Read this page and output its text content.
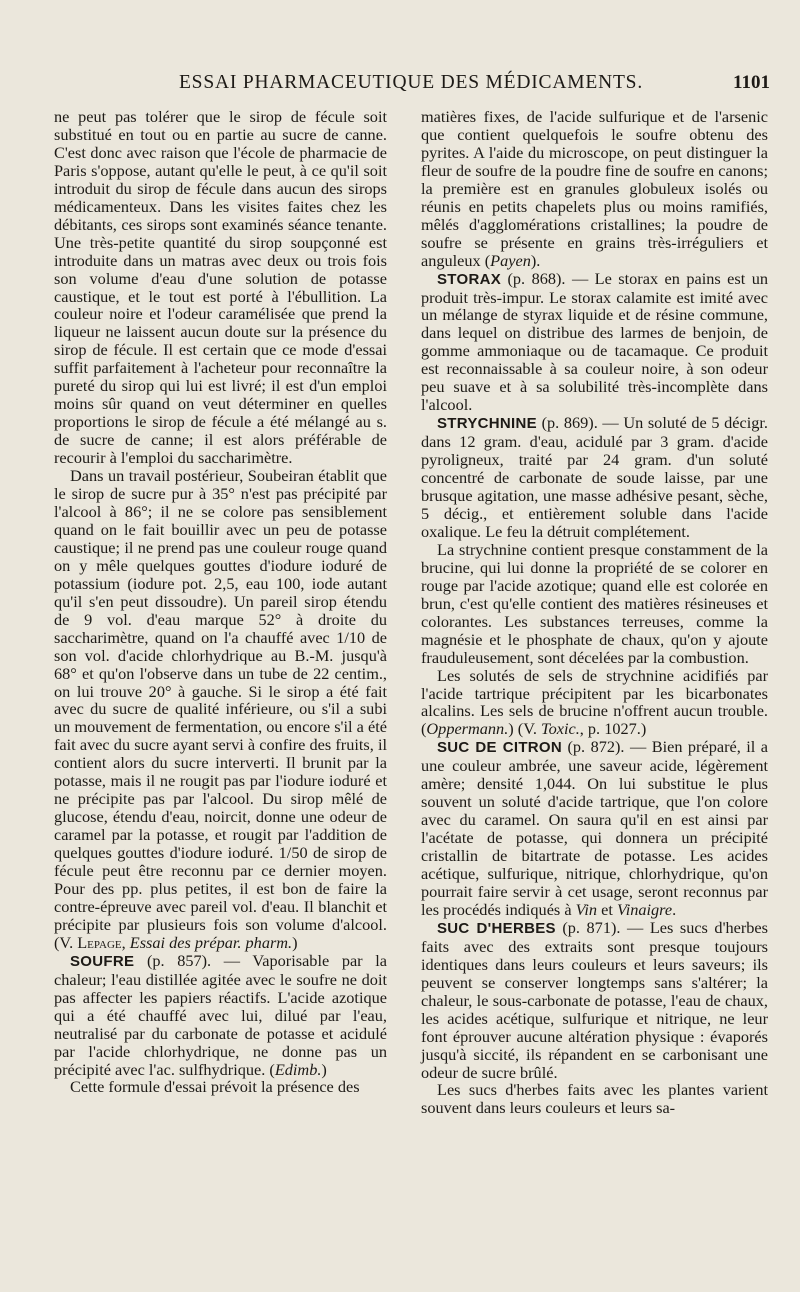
ESSAI PHARMACEUTIQUE DES MÉDICAMENTS.	1101

ne peut pas tolérer que le sirop de fécule soit substitué en tout ou en partie au sucre de canne. C'est donc avec raison que l'école de pharmacie de Paris s'oppose, autant qu'elle le peut, à ce qu'il soit introduit du sirop de fécule dans aucun des sirops médicamenteux. Dans les visites faites chez les débitants, ces sirops sont examinés séance tenante. Une très-petite quantité du sirop soupçonné est introduite dans un matras avec deux ou trois fois son volume d'eau d'une solution de potasse caustique, et le tout est porté à l'ébullition. La couleur noire et l'odeur caramélisée que prend la liqueur ne laissent aucun doute sur la présence du sirop de fécule. Il est certain que ce mode d'essai suffit parfaitement à l'acheteur pour reconnaître la pureté du sirop qui lui est livré; il est d'un emploi moins sûr quand on veut déterminer en quelles proportions le sirop de fécule a été mélangé au s. de sucre de canne; il est alors préférable de recourir à l'emploi du saccharimètre.

Dans un travail postérieur, Soubeiran établit que le sirop de sucre pur à 35° n'est pas précipité par l'alcool à 86°; il ne se colore pas sensiblement quand on le fait bouillir avec un peu de potasse caustique; il ne prend pas une couleur rouge quand on y mêle quelques gouttes d'iodure ioduré de potassium (iodure pot. 2,5, eau 100, iode autant qu'il s'en peut dissoudre). Un pareil sirop étendu de 9 vol. d'eau marque 52° à droite du saccharimètre, quand on l'a chauffé avec 1/10 de son vol. d'acide chlorhydrique au B.-M. jusqu'à 68° et qu'on l'observe dans un tube de 22 centim., on lui trouve 20° à gauche. Si le sirop a été fait avec du sucre de qualité inférieure, ou s'il a subi un mouvement de fermentation, ou encore s'il a été fait avec du sucre ayant servi à confire des fruits, il contient alors du sucre interverti. Il brunit par la potasse, mais il ne rougit pas par l'iodure ioduré et ne précipite pas par l'alcool. Du sirop mêlé de glucose, étendu d'eau, noircit, donne une odeur de caramel par la potasse, et rougit par l'addition de quelques gouttes d'iodure ioduré. 1/50 de sirop de fécule peut être reconnu par ce dernier moyen. Pour des pp. plus petites, il est bon de faire la contre-épreuve avec pareil vol. d'eau. Il blanchit et précipite par plusieurs fois son volume d'alcool. (V. Lepage, Essai des prépar. pharm.)

SOUFRE (p. 857). — Vaporisable par la chaleur; l'eau distillée agitée avec le soufre ne doit pas affecter les papiers réactifs. L'acide azotique qui a été chauffé avec lui, dilué par l'eau, neutralisé par du carbonate de potasse et acidulé par l'acide chlorhydrique, ne donne pas un précipité avec l'ac. sulfhydrique. (Edimb.)

Cette formule d'essai prévoit la présence des

matières fixes, de l'acide sulfurique et de l'arsenic que contient quelquefois le soufre obtenu des pyrites. A l'aide du microscope, on peut distinguer la fleur de soufre de la poudre fine de soufre en canons; la première est en granules globuleux isolés ou réunis en petits chapelets plus ou moins ramifiés, mêlés d'agglomérations cristallines; la poudre de soufre se présente en grains très-irréguliers et anguleux (Payen).

STORAX (p. 868). — Le storax en pains est un produit très-impur. Le storax calamite est imité avec un mélange de styrax liquide et de résine commune, dans lequel on distribue des larmes de benjoin, de gomme ammoniaque ou de tacamaque. Ce produit est reconnaissable à sa couleur noire, à son odeur peu suave et à sa solubilité très-incomplète dans l'alcool.

STRYCHNINE (p. 869). — Un soluté de 5 décigr. dans 12 gram. d'eau, acidulé par 3 gram. d'acide pyroligneux, traité par 24 gram. d'un soluté concentré de carbonate de soude laisse, par une brusque agitation, une masse adhésive pesant, sèche, 5 décig., et entièrement soluble dans l'acide oxalique. Le feu la détruit complétement.

La strychnine contient presque constamment de la brucine, qui lui donne la propriété de se colorer en rouge par l'acide azotique; quand elle est colorée en brun, c'est qu'elle contient des matières résineuses et colorantes. Les substances terreuses, comme la magnésie et le phosphate de chaux, qu'on y ajoute frauduleusement, sont décelées par la combustion.

Les solutés de sels de strychnine acidifiés par l'acide tartrique précipitent par les bicarbonates alcalins. Les sels de brucine n'offrent aucun trouble. (Oppermann.) (V. Toxic., p. 1027.)

SUC DE CITRON (p. 872). — Bien préparé, il a une couleur ambrée, une saveur acide, légèrement amère; densité 1,044. On lui substitue le plus souvent un soluté d'acide tartrique, que l'on colore avec du caramel. On saura qu'il en est ainsi par l'acétate de potasse, qui donnera un précipité cristallin de bitartrate de potasse. Les acides acétique, sulfurique, nitrique, chlorhydrique, qu'on pourrait faire servir à cet usage, seront reconnus par les procédés indiqués à Vin et Vinaigre.

SUC D'HERBES (p. 871). — Les sucs d'herbes faits avec des extraits sont presque toujours identiques dans leurs couleurs et leurs saveurs; ils peuvent se conserver longtemps sans s'altérer; la chaleur, le sous-carbonate de potasse, l'eau de chaux, les acides acétique, sulfurique et nitrique, ne leur font éprouver aucune altération physique : évaporés jusqu'à siccité, ils répandent en se carbonisant une odeur de sucre brûlé.

Les sucs d'herbes faits avec les plantes varient souvent dans leurs couleurs et leurs sa-
